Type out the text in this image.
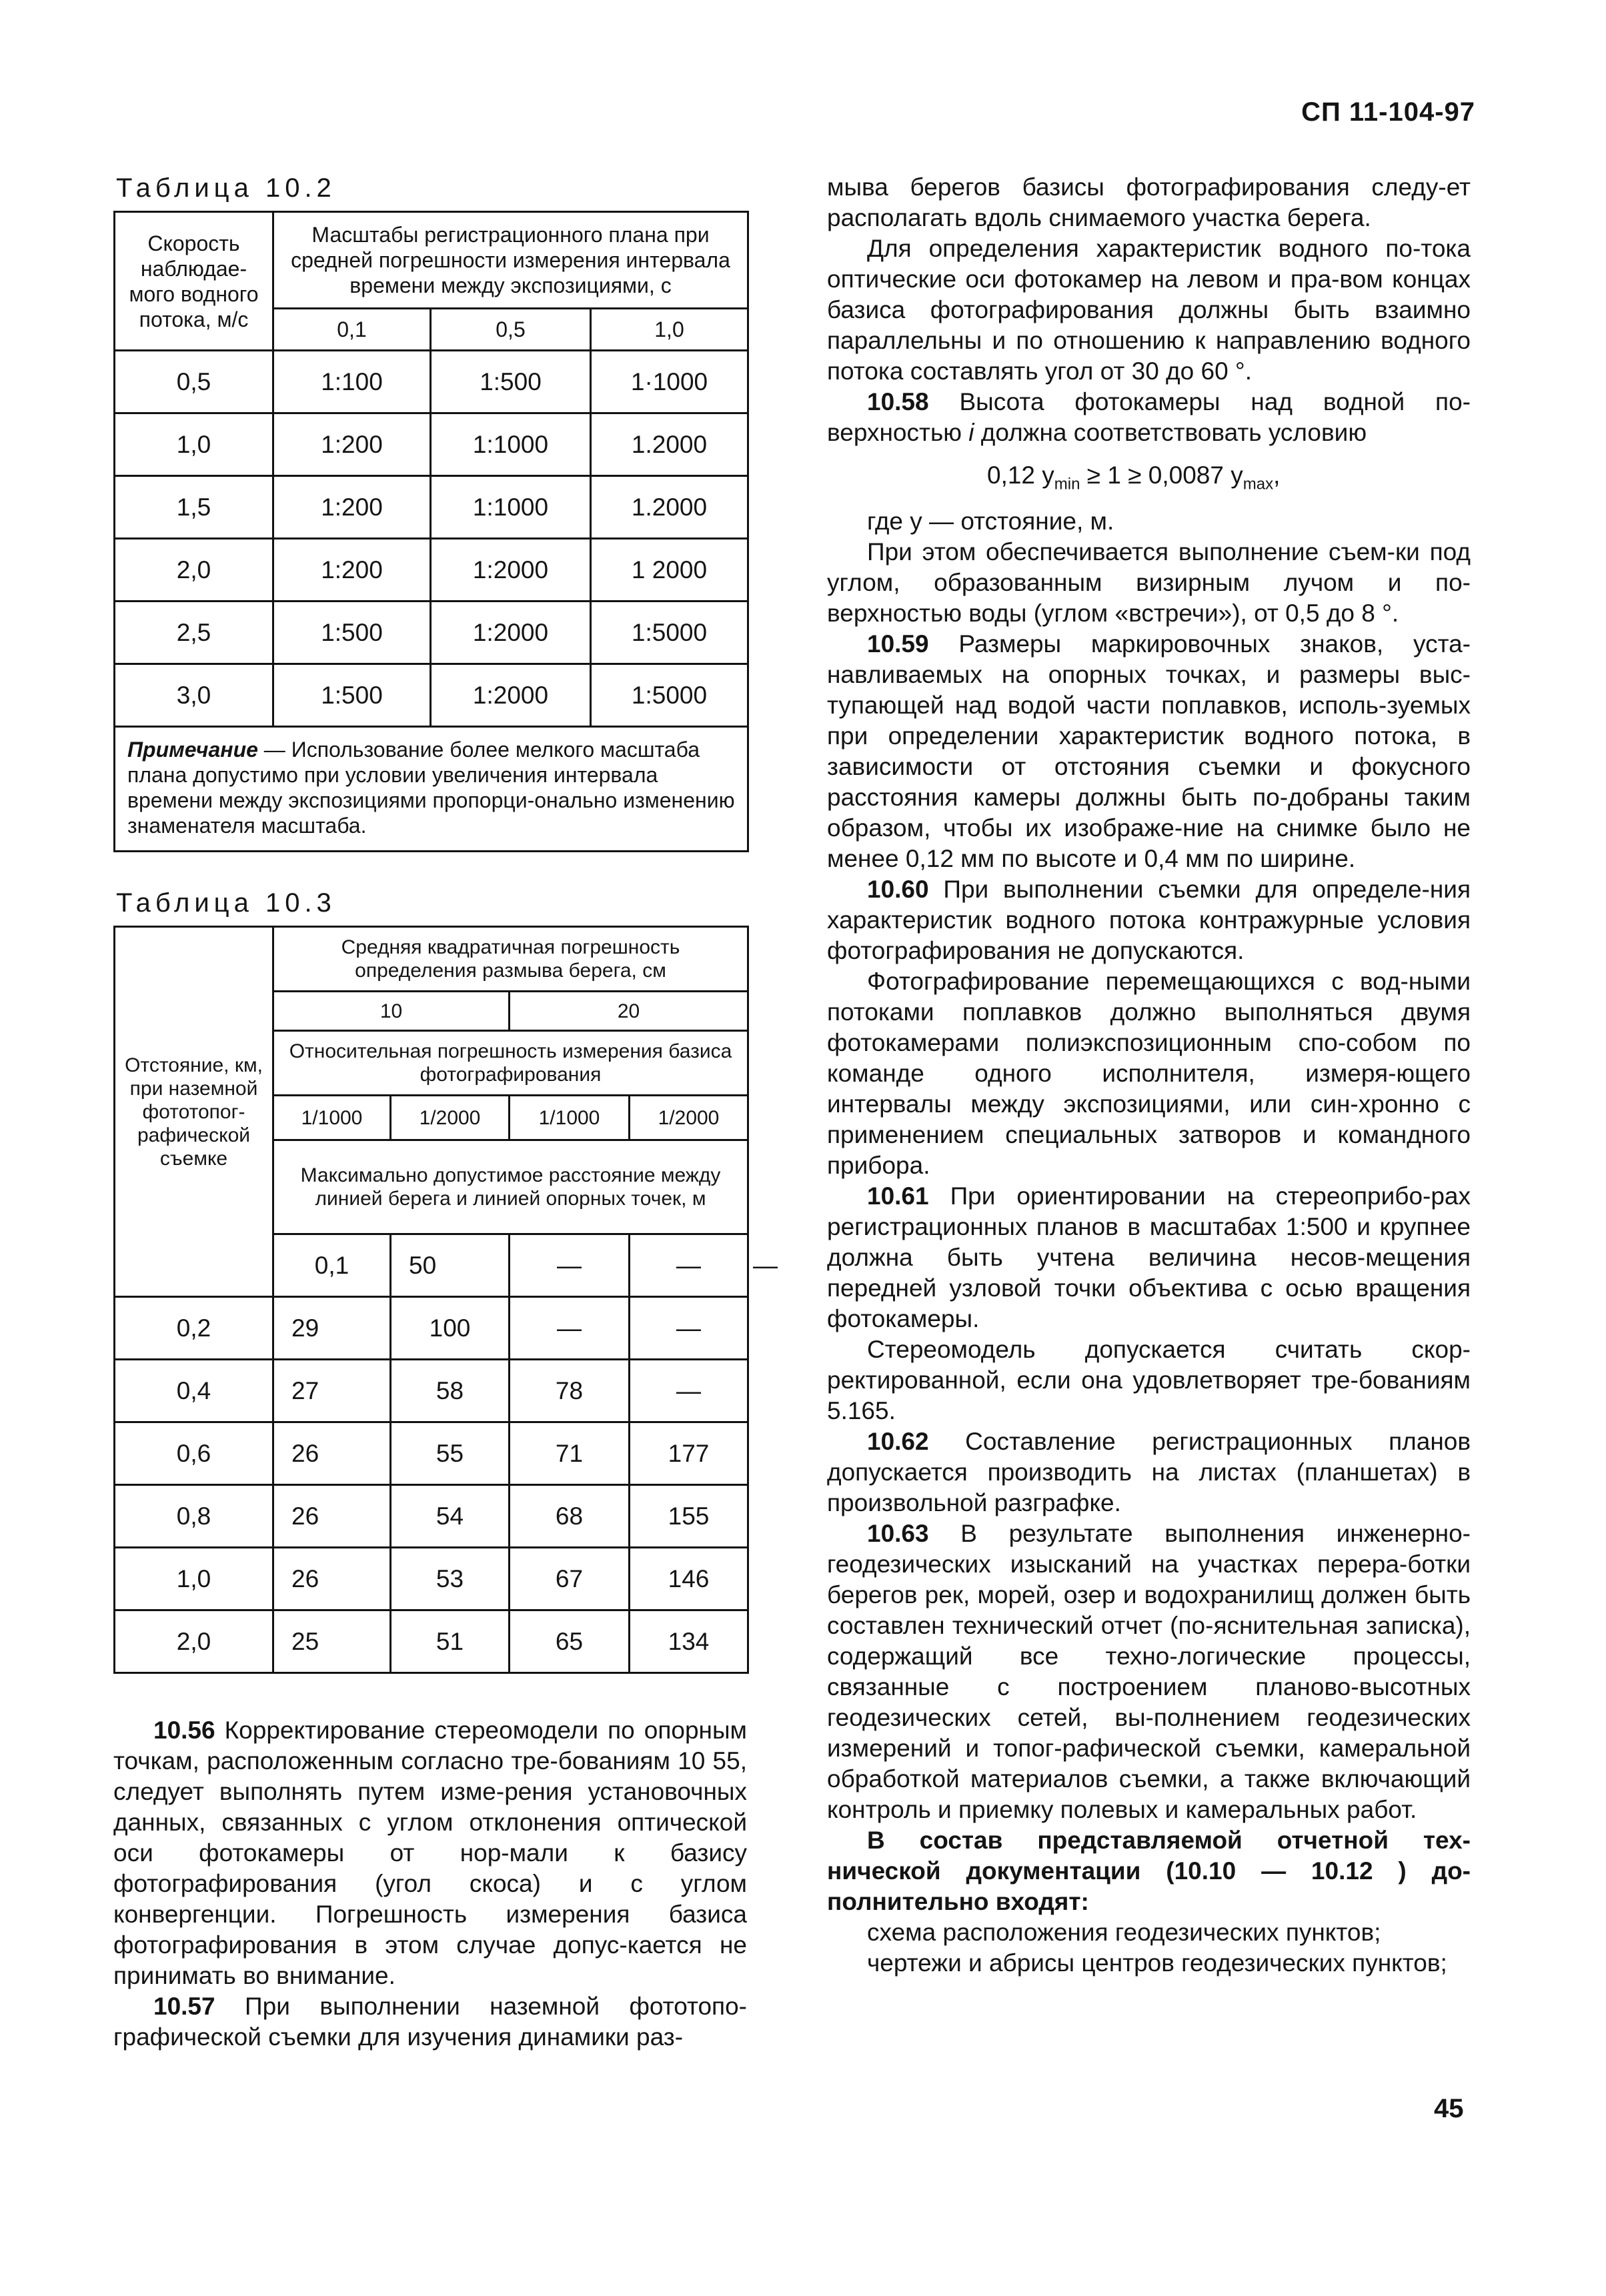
СП 11-104-97
Таблица 10.2
Скорость наблюдае-мого водного потока, м/с	Масштабы регистрационного плана при средней погрешности измерения интервала времени между экспозициями, с		
	0,1	0,5	1,0
0,5	1:100	1:500	1·1000
1,0	1:200	1:1000	1.2000
1,5	1:200	1:1000	1.2000
2,0	1:200	1:2000	1 2000
2,5	1:500	1:2000	1:5000
3,0	1:500	1:2000	1:5000
Примечание — Использование более мелкого масштаба плана допустимо при условии увеличения интервала времени между экспозициями пропорци-онально изменению знаменателя масштаба.			
Таблица 10.3
Отстояние, км, при наземной фототопог-рафической съемке	Средняя квадратичная погрешность определения размыва берега, см				
	10		20		
	Относительная погрешность измерения базиса фотографирования				
	1/1000	1/2000	1/1000	1/2000	
	Максимально допустимое расстояние между линией берега и линией опорных точек, м				
	0,1	50	—	—	—
0,2	29	100	—	—	
0,4	27	58	78	—	
0,6	26	55	71	177	
0,8	26	54	68	155	
1,0	26	53	67	146	
2,0	25	51	65	134	

10.56 Корректирование стереомодели по опорным точкам, расположенным согласно тре-бованиям 10 55, следует выполнять путем изме-рения установочных данных, связанных с углом отклонения оптической оси фотокамеры от нор-мали к базису фотографирования (угол скоса) и с углом конвергенции. Погрешность измерения базиса фотографирования в этом случае допус-кается не принимать во внимание.

10.57 При выполнении наземной фототопо-графической съемки для изучения динамики раз-

мыва берегов базисы фотографирования следу-ет располагать вдоль снимаемого участка берега.

Для определения характеристик водного по-тока оптические оси фотокамер на левом и пра-вом концах базиса фотографирования должны быть взаимно параллельны и по отношению к направлению водного потока составлять угол от 30 до 60 °.

10.58 Высота фотокамеры над водной по-верхностью i должна соответствовать условию

0,12 $y_{min} \ge 1 \ge 0,0087$ $y_{max}$,

где y — отстояние, м.

При этом обеспечивается выполнение съем-ки под углом, образованным визирным лучом и по-верхностью воды (углом «встречи»), от 0,5 до 8 °.

10.59 Размеры маркировочных знаков, уста-навливаемых на опорных точках, и размеры выс-тупающей над водой части поплавков, исполь-зуемых при определении характеристик водного потока, в зависимости от отстояния съемки и фокусного расстояния камеры должны быть по-добраны таким образом, чтобы их изображе-ние на снимке было не менее 0,12 мм по высоте и 0,4 мм по ширине.

10.60 При выполнении съемки для определе-ния характеристик водного потока контражурные условия фотографирования не допускаются.

Фотографирование перемещающихся с вод-ными потоками поплавков должно выполняться двумя фотокамерами полиэкспозиционным спо-собом по команде одного исполнителя, измеря-ющего интервалы между экспозициями, или син-хронно с применением специальных затворов и командного прибора.

10.61 При ориентировании на стереоприбо-рах регистрационных планов в масштабах 1:500 и крупнее должна быть учтена величина несов-мещения передней узловой точки объектива с осью вращения фотокамеры.

Стереомодель допускается считать скор-ректированной, если она удовлетворяет тре-бованиям 5.165.

10.62 Составление регистрационных планов допускается производить на листах (планшетах) в произвольной разграфке.

10.63 В результате выполнения инженерно-геодезических изысканий на участках перера-ботки берегов рек, морей, озер и водохранилищ должен быть составлен технический отчет (по-яснительная записка), содержащий все техно-логические процессы, связанные с построением планово-высотных геодезических сетей, вы-полнением геодезических измерений и топог-рафической съемки, камеральной обработкой материалов съемки, а также включающий контроль и приемку полевых и камеральных работ.

В состав представляемой отчетной тех-нической документации (10.10 — 10.12 ) до-полнительно входят:

схема расположения геодезических пунктов;

чертежи и абрисы центров геодезических пунктов;

45
